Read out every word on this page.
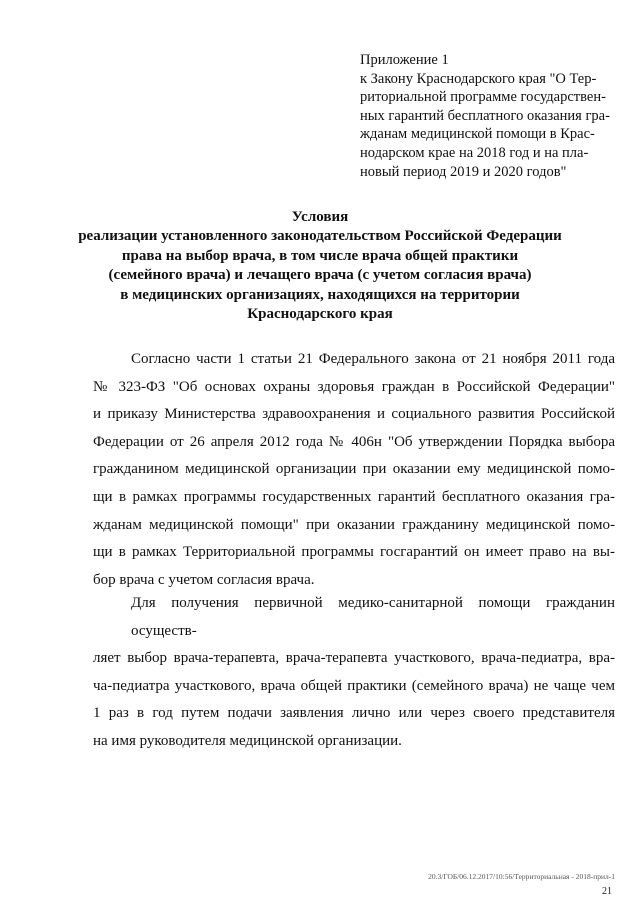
Приложение 1
к Закону Краснодарского края "О Тер-
риториальной программе государствен-
ных гарантий бесплатного оказания гра-
жданам медицинской помощи в Крас-
нодарском крае на 2018 год и на пла-
новый период 2019 и 2020 годов"
Условия
реализации установленного законодательством Российской Федерации
права на выбор врача, в том числе врача общей практики
(семейного врача) и лечащего врача (с учетом согласия врача)
в медицинских организациях, находящихся на территории
Краснодарского края
Согласно части 1 статьи 21 Федерального закона от 21 ноября 2011 года
№ 323-ФЗ "Об основах охраны здоровья граждан в Российской Федерации"
и приказу Министерства здравоохранения и социального развития Российской
Федерации от 26 апреля 2012 года № 406н "Об утверждении Порядка выбора
гражданином медицинской организации при оказании ему медицинской помо-
щи в рамках программы государственных гарантий бесплатного оказания гра-
жданам медицинской помощи" при оказании гражданину медицинской помо-
щи в рамках Территориальной программы госгарантий он имеет право на вы-
бор врача с учетом согласия врача.
Для получения первичной медико-санитарной помощи гражданин осуществ-
ляет выбор врача-терапевта, врача-терапевта участкового, врача-педиатра, вра-
ча-педиатра участкового, врача общей практики (семейного врача) не чаще чем
1 раз в год путем подачи заявления лично или через своего представителя
на имя руководителя медицинской организации.
20.3/ГОБ/06.12.2017/10:56/Территориальная - 2018-прил-1
21
